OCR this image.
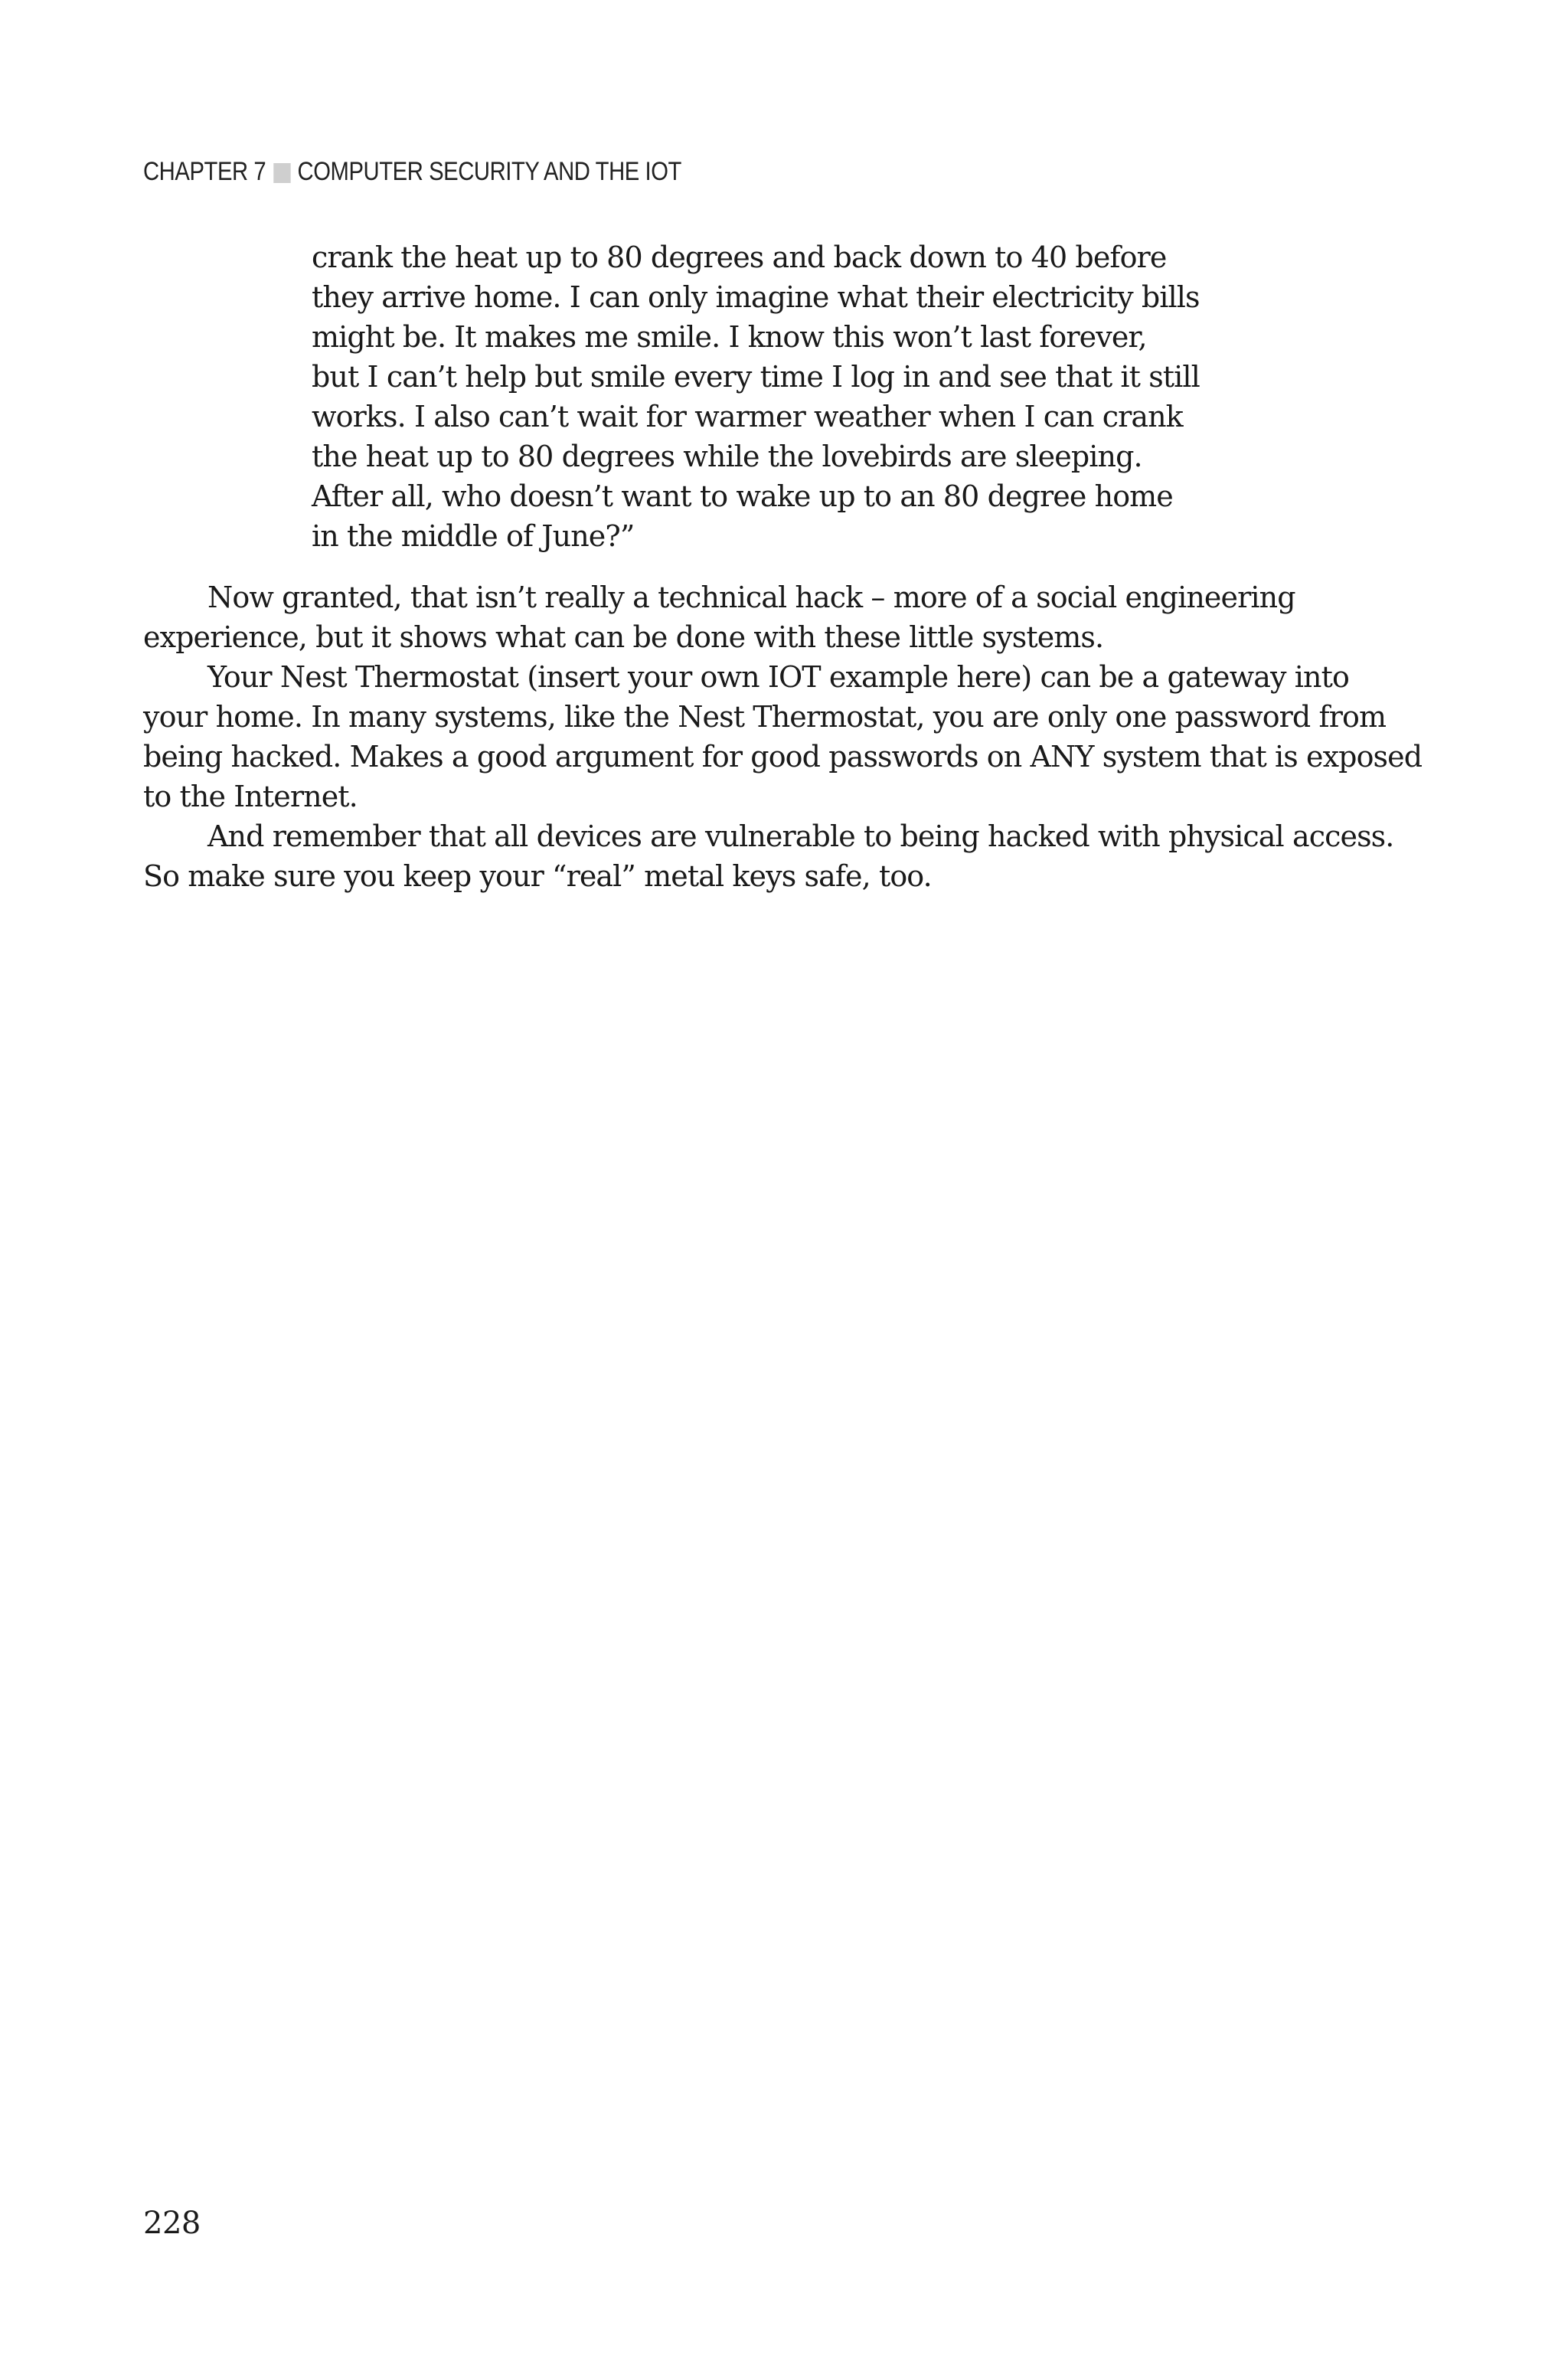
CHAPTER 7 COMPUTER SECURITY AND THE IOT
crank the heat up to 80 degrees and back down to 40 before
they arrive home. I can only imagine what their electricity bills
might be. It makes me smile. I know this won’t last forever,
but I can’t help but smile every time I log in and see that it still
works. I also can’t wait for warmer weather when I can crank
the heat up to 80 degrees while the lovebirds are sleeping.
After all, who doesn’t want to wake up to an 80 degree home
in the middle of June?”
Now granted, that isn’t really a technical hack – more of a social engineering
experience, but it shows what can be done with these little systems.
Your Nest Thermostat (insert your own IOT example here) can be a gateway into
your home. In many systems, like the Nest Thermostat, you are only one password from
being hacked. Makes a good argument for good passwords on ANY system that is exposed
to the Internet.
And remember that all devices are vulnerable to being hacked with physical access.
So make sure you keep your “real” metal keys safe, too.
228
